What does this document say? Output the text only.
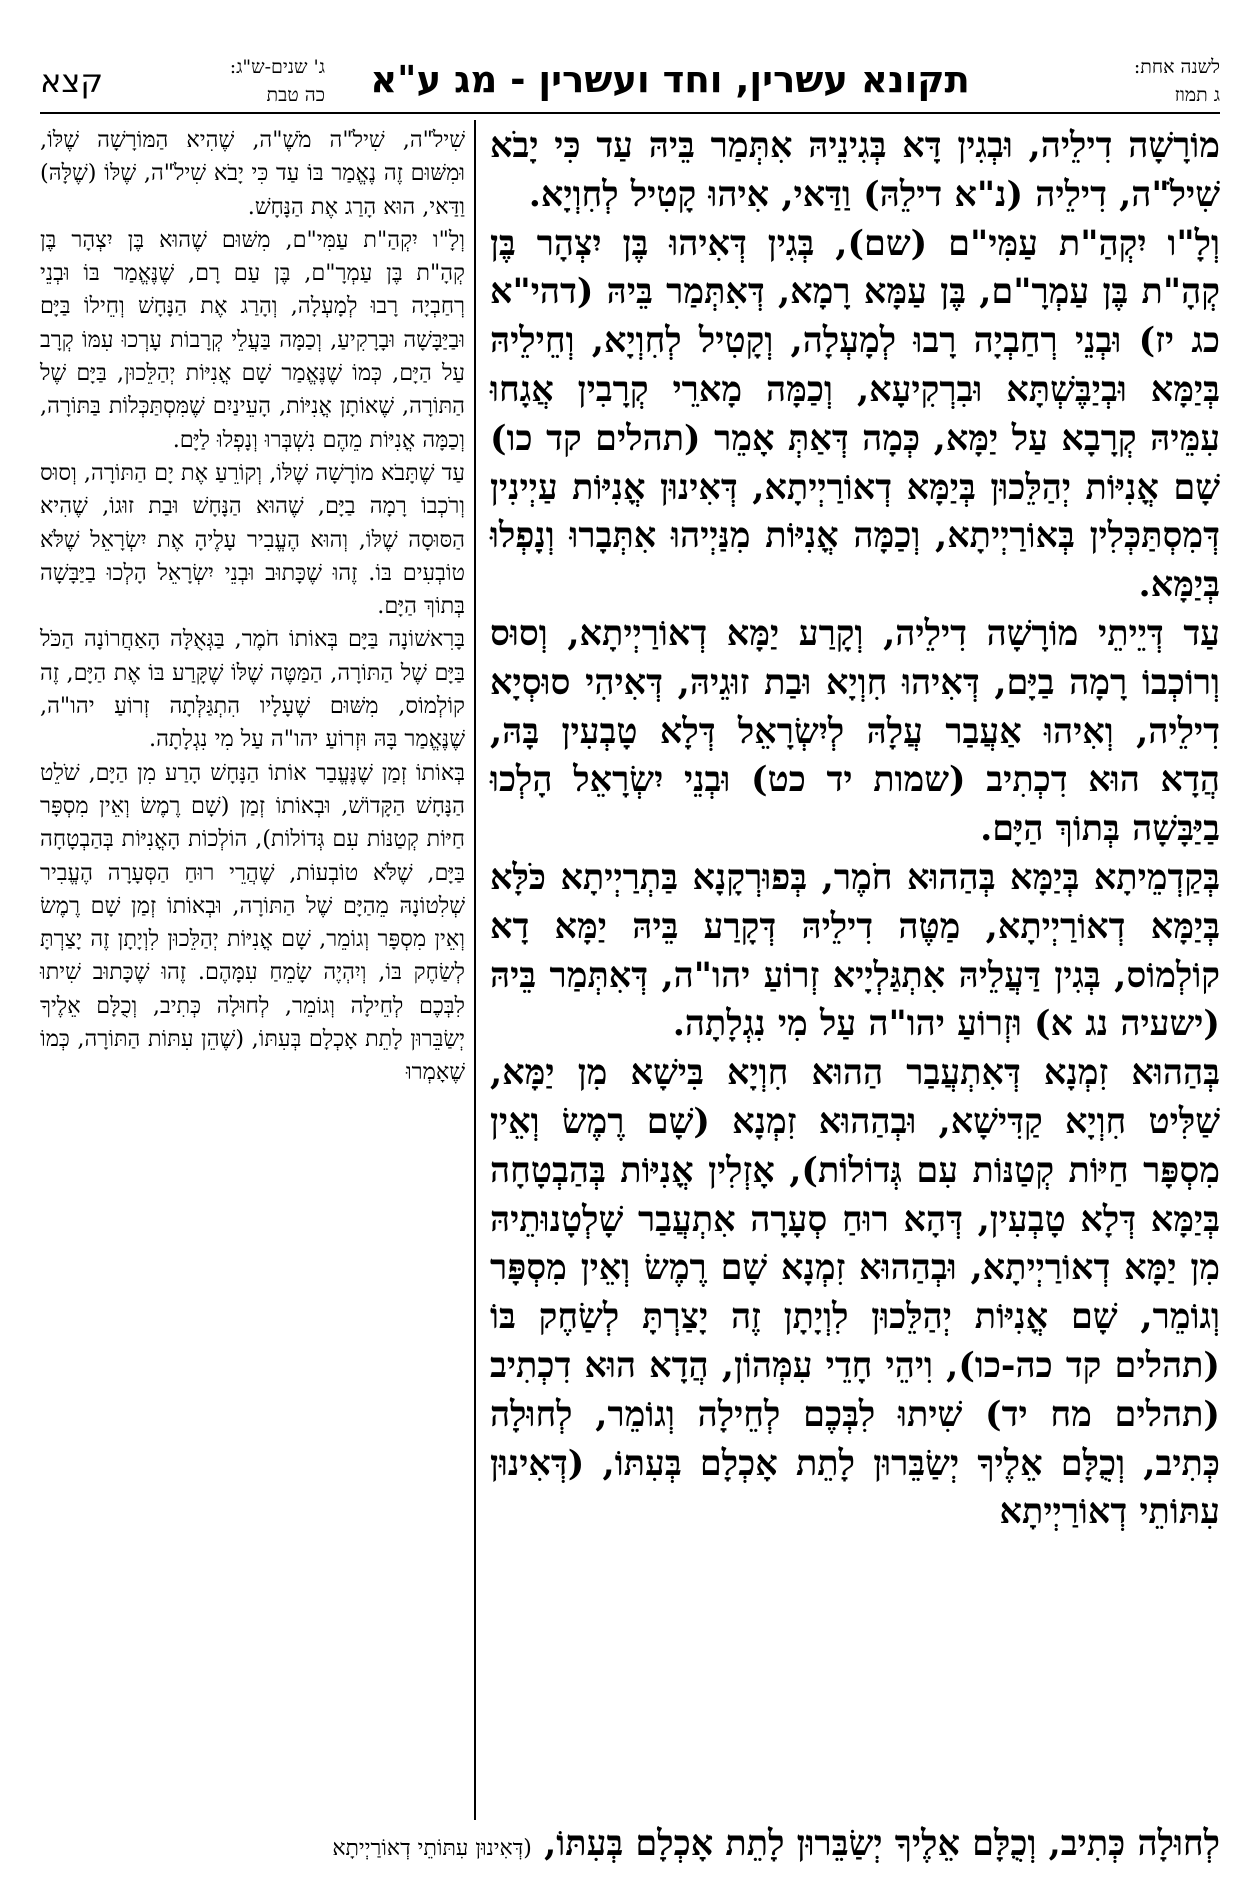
תקונא עשרין, וחד ועשרין - מג ע"א	לשנה אחת:
ג תמוז
ג' שנים-ש"ג:
כה טבת
קצא

מוֹרָשָׁה דִילֵיה, וּבְגִין דָּא בְּגִינֵיהּ אִתְּמַר בֵּיהּ עַד כִּי יָבֹא שִׁילֹ"ה, דִילֵיה (נ"א דילֵהּ) וַדַּאי, אִיהוּ קָטִיל לְחִוְיָא.

וְלָ"ו יִקְהַ"ת עַמִּי"ם (שם), בְּגִין דְּאִיהוּ בֶּן יִצְהָר בֶּן קְהָ"ת בֶּן עַמְרָ"ם, בֶּן עַמָּא רָמָא, דְּאִתְּמַר בֵּיהּ (דהי"א כג יז) וּבְנֵי רְחַבְיָה רָבוּ לְמָעְלָה, וְקָטִיל לְחִוְיָא, וְחֵילֵיהּ בְּיַמָּא וּבְיַבֶּשְׁתָּא וּבִרְקִיעָא, וְכַמָּה מָארֵי קְרָבִין אֲגָחוּ עִמֵּיהּ קְרָבָא עַל יַמָּא, כְּמָה דְּאַתְּ אָמֵר (תהלים קד כו) שָׁם אֳנִיּוֹת יְהַלֵּכוּן בְּיַמָּא דְאוֹרַיְיתָא, דְּאִינוּן אֳנִיּוֹת עַיְינִין דְּמִסְתַּכְּלִין בְּאוֹרַיְיתָא, וְכַמָּה אֳנִיּוֹת מִנַּיְיהוּ אִתְּבָרוּ וְנָפְלוּ בְּיַמָּא.

עַד דְּיֵיתֵי מוֹרָשָׁה דִילֵיה, וְקָרַע יַמָּא דְאוֹרַיְיתָא, וְסוּס וְרוֹכְבוֹ רָמָה בַיָּם, דְּאִיהוּ חִוְיָא וּבַת זוּגֵיהּ, דְּאִיהִי סוּסְיָא דִילֵיה, וְאִיהוּ אַעֲבַר עֲלָהּ לְיִשְׂרָאֵל דְּלָא טָבְעִין בָּהּ, הֲדָא הוּא דִכְתִיב (שמות יד כט) וּבְנֵי יִשְׂרָאֵל הָלְכוּ בַיַּבָּשָׁה בְּתוֹךְ הַיָּם.

בְּקַדְמֵיתָא בְּיַמָּא בְּהַהוּא חֹמֶר, בְּפוּרְקָנָא בַּתְרַיְיתָא כֹּלָּא בְּיַמָּא דְאוֹרַיְיתָא, מַטֶּה דִילֵיהּ דְּקָרַע בֵּיהּ יַמָּא דָא קוֹלְמוֹס, בְּגִין דַּעֲלֵיהּ אִתְגַּלְיָיא זְרוֹעַ יהו"ה, דְּאִתְּמַר בֵּיהּ (ישעיה נג א) וּזְרוֹעַ יהו"ה עַל מִי נִגְלָתָה.

בְּהַהוּא זִמְנָא דְּאִתְעֲבַר הַהוּא חִוְיָא בִּישָׁא מִן יַמָּא, שַׁלִּיט חִוְיָא קַדִּישָׁא, וּבְהַהוּא זִמְנָא (שָׁם רֶמֶשׂ וְאֵין מִסְפָּר חַיּוֹת קְטַנּוֹת עִם גְּדוֹלוֹת), אָזְלִין אֳנִיּוֹת בְּהַבְטָחָה בְּיַמָּא דְּלָא טָבְעִין, דְּהָא רוּחַ סְעָרָה אִתְעֲבַר שָׁלְטָנוּתֵיהּ מִן יַמָּא דְאוֹרַיְיתָא, וּבְהַהוּא זִמְנָא שָׁם רֶמֶשׂ וְאֵין מִסְפָּר וְגוֹמֵר, שָׁם אֳנִיּוֹת יְהַלֵּכוּן לִוְיָתָן זֶה יָצַרְתָּ לְשַׂחֶק בּוֹ (תהלים קד כה-כו), וִיהֵי חָדֵי עִמְּהוֹן, הֲדָא הוּא דִכְתִיב (תהלים מח יד) שִׁיתוּ לִבְּכֶם לְחֵילָה וְגוֹמֵר, לְחוּלָה כְּתִיב, וְכֻלָּם אֵלֶיךָ יְשַׂבֵּרוּן לָתֵת אָכְלָם בְּעִתּוֹ, (דְּאִינוּן עִתּוֹתֵי דְאוֹרַיְיתָא

שִׁילֹ"ה, שִׁילֹ"ה מֹשֶׁ"ה, שֶׁהִיא הַמּוֹרָשָׁה שֶׁלּוֹ, וּמִשּׁוּם זֶה נֶאֱמַר בּוֹ עַד כִּי יָבֹא שִׁילֹ"ה, שֶׁלּוֹ (שֶׁלָּהּ) וַדַּאי, הוּא הָרַג אֶת הַנָּחָשׁ.

וְלָ"ו יִקְהַ"ת עַמִּי"ם, מִשּׁוּם שֶׁהוּא בֶּן יִצְהָר בֶּן קְהָ"ת בֶּן עַמְרָ"ם, בֶּן עַם רָם, שֶׁנֶּאֱמַר בּוֹ וּבְנֵי רְחַבְיָה רָבוּ לְמָעְלָה, וְהָרַג אֶת הַנָּחָשׁ וְחֵילוֹ בַּיָּם וּבַיַּבָּשָׁה וּבָרָקִיעַ, וְכַמָּה בַּעֲלֵי קְרָבוֹת עָרְכוּ עִמּוֹ קְרָב עַל הַיָּם, כְּמוֹ שֶׁנֶּאֱמַר שָׁם אֳנִיּוֹת יְהַלֵּכוּן, בַּיָּם שֶׁל הַתּוֹרָה, שֶׁאוֹתָן אֳנִיּוֹת, הָעֵינַיִם שֶׁמִּסְתַּכְּלוֹת בַּתּוֹרָה, וְכַמָּה אֳנִיּוֹת מֵהֶם נִשְׁבְּרוּ וְנָפְלוּ לַיָּם.

עַד שֶׁתָּבֹא מוֹרָשָׁה שֶׁלּוֹ, וְקוֹרֵעַ אֶת יָם הַתּוֹרָה, וְסוּס וְרֹכְבוֹ רָמָה בַיָּם, שֶׁהוּא הַנָּחָשׁ וּבַת זוּגוֹ, שֶׁהִיא הַסּוּסָה שֶׁלּוֹ, וְהוּא הֶעֱבִיר עָלֶיהָ אֶת יִשְׂרָאֵל שֶׁלֹּא טוֹבְעִים בּוֹ. זֶהוּ שֶׁכָּתוּב וּבְנֵי יִשְׂרָאֵל הָלְכוּ בַיַּבָּשָׁה בְּתוֹךְ הַיָּם.

בָּרִאשׁוֹנָה בַּיָּם בְּאוֹתוֹ חֹמֶר, בַּגְּאֻלָּה הָאַחֲרוֹנָה הַכֹּל בַּיָּם שֶׁל הַתּוֹרָה, הַמַּטֶּה שֶׁלּוֹ שֶׁקָּרַע בּוֹ אֶת הַיָּם, זֶה קוֹלְמוֹס, מִשּׁוּם שֶׁעָלָיו הִתְגַּלְּתָה זְרוֹעַ יהו"ה, שֶׁנֶּאֱמַר בָּהּ וּזְרוֹעַ יהו"ה עַל מִי נִגְלָתָה.

בְּאוֹתוֹ זְמַן שֶׁנֶּעֱבַר אוֹתוֹ הַנָּחָשׁ הָרַע מִן הַיָּם, שֹׁלֵט הַנָּחָשׁ הַקָּדוֹשׁ, וּבְאוֹתוֹ זְמַן (שָׁם רֶמֶשׂ וְאֵין מִסְפָּר חַיּוֹת קְטַנּוֹת עִם גְּדוֹלוֹת), הוֹלְכוֹת הָאֳנִיּוֹת בְּהַבְטָחָה בַּיָּם, שֶׁלֹּא טוֹבְעוֹת, שֶׁהֲרֵי רוּחַ הַסְּעָרָה הֶעֱבִיר שְׁלִטוֹנָהּ מֵהַיָּם שֶׁל הַתּוֹרָה, וּבְאוֹתוֹ זְמַן שָׁם רֶמֶשׂ וְאֵין מִסְפָּר וְגוֹמֵר, שָׁם אֳנִיּוֹת יְהַלֵּכוּן לִוְיָתָן זֶה יָצַרְתָּ לְשַׂחֶק בּוֹ, וְיִהְיֶה שָׂמֵחַ עִמָּהֶם. זֶהוּ שֶׁכָּתוּב שִׁיתוּ לִבְּכֶם לְחֵילָה וְגוֹמֵר, לְחוּלָה כְּתִיב, וְכֻלָּם אֵלֶיךָ יְשַׂבֵּרוּן לָתֵת אָכְלָם בְּעִתּוֹ, (שֶׁהֵן עִתּוֹת הַתּוֹרָה, כְּמוֹ שֶׁאָמְרוּ

לְחוּלָה כְּתִיב, וְכֻלָּם אֵלֶיךָ יְשַׂבֵּרוּן לָתֵת אָכְלָם בְּעִתּוֹ, (דְּאִינוּן עִתּוֹתֵי דְאוֹרַיְיתָא
